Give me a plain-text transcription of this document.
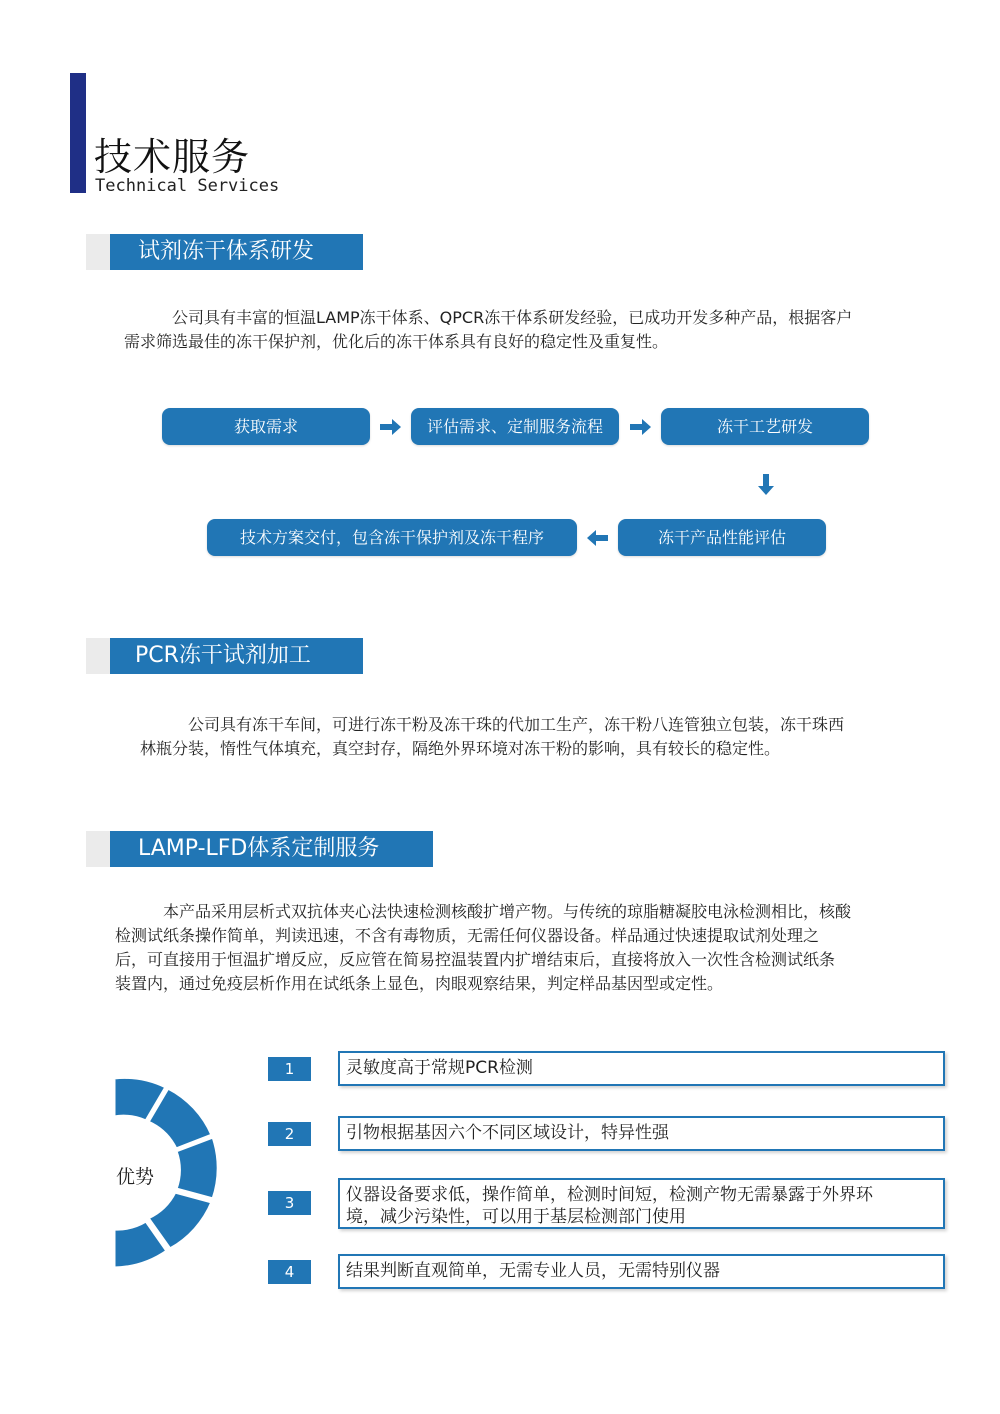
技术服务
Technical Services
试剂冻干体系研发

　　　公司具有丰富的恒温LAMP冻干体系、QPCR冻干体系研发经验，已成功开发多种产品，根据客户

需求筛选最佳的冻干保护剂，优化后的冻干体系具有良好的稳定性及重复性。

获取需求	评估需求、定制服务流程	冻干工艺研发
冻干产品性能评估
技术方案交付，包含冻干保护剂及冻干程序
PCR冻干试剂加工

　　　公司具有冻干车间，可进行冻干粉及冻干珠的代加工生产，冻干粉八连管独立包装，冻干珠西

林瓶分装，惰性气体填充，真空封存，隔绝外界环境对冻干粉的影响，具有较长的稳定性。

LAMP-LFD体系定制服务

　　　本产品采用层析式双抗体夹心法快速检测核酸扩增产物。与传统的琼脂糖凝胶电泳检测相比，核酸

检测试纸条操作简单，判读迅速，不含有毒物质，无需任何仪器设备。样品通过快速提取试剂处理之

后，可直接用于恒温扩增反应，反应管在简易控温装置内扩增结束后，直接将放入一次性含检测试纸条

装置内，通过免疫层析作用在试纸条上显色，肉眼观察结果，判定样品基因型或定性。

优势
1	灵敏度高于常规PCR检测
2	引物根据基因六个不同区域设计，特异性强
3	仪器设备要求低，操作简单，检测时间短，检测产物无需暴露于外界环
境，减少污染性，可以用于基层检测部门使用
4	结果判断直观简单，无需专业人员，无需特别仪器
